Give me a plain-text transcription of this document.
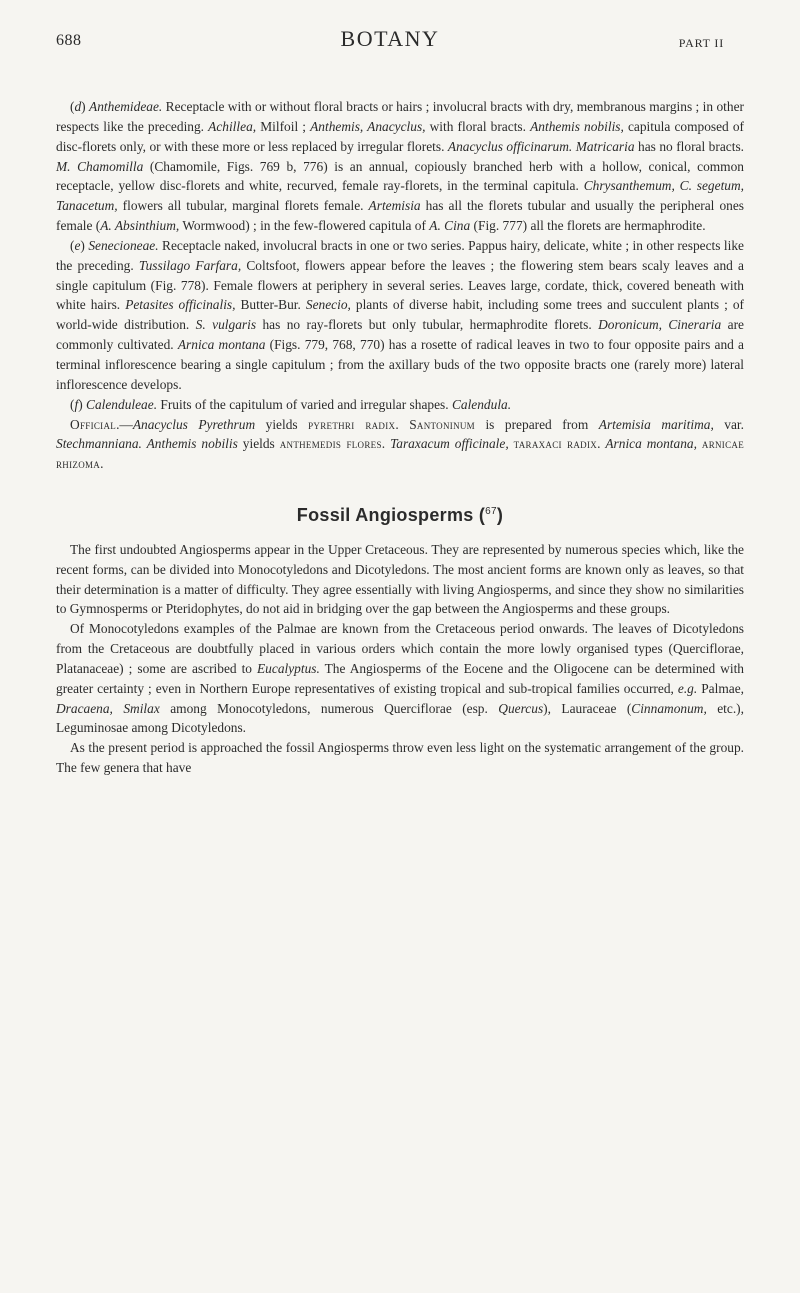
688	BOTANY	PART II

(d) Anthemideae. Receptacle with or without floral bracts or hairs ; involucral bracts with dry, membranous margins ; in other respects like the preceding. Achillea, Milfoil ; Anthemis, Anacyclus, with floral bracts. Anthemis nobilis, capitula composed of disc-florets only, or with these more or less replaced by irregular florets. Anacyclus officinarum. Matricaria has no floral bracts. M. Chamomilla (Chamomile, Figs. 769 b, 776) is an annual, copiously branched herb with a hollow, conical, common receptacle, yellow disc-florets and white, recurved, female ray-florets, in the terminal capitula. Chrysanthemum, C. segetum, Tanacetum, flowers all tubular, marginal florets female. Artemisia has all the florets tubular and usually the peripheral ones female (A. Absinthium, Wormwood) ; in the few-flowered capitula of A. Cina (Fig. 777) all the florets are hermaphrodite.

(e) Senecioneae. Receptacle naked, involucral bracts in one or two series. Pappus hairy, delicate, white ; in other respects like the preceding. Tussilago Farfara, Coltsfoot, flowers appear before the leaves ; the flowering stem bears scaly leaves and a single capitulum (Fig. 778). Female flowers at periphery in several series. Leaves large, cordate, thick, covered beneath with white hairs. Petasites officinalis, Butter-Bur. Senecio, plants of diverse habit, including some trees and succulent plants ; of world-wide distribution. S. vulgaris has no ray-florets but only tubular, hermaphrodite florets. Doronicum, Cineraria are commonly cultivated. Arnica montana (Figs. 779, 768, 770) has a rosette of radical leaves in two to four opposite pairs and a terminal inflorescence bearing a single capitulum ; from the axillary buds of the two opposite bracts one (rarely more) lateral inflorescence develops.

(f) Calenduleae. Fruits of the capitulum of varied and irregular shapes. Calendula.

Official.—Anacyclus Pyrethrum yields pyrethri radix. Santoninum is prepared from Artemisia maritima, var. Stechmanniana. Anthemis nobilis yields anthemedis flores. Taraxacum officinale, taraxaci radix. Arnica montana, arnicae rhizoma.

Fossil Angiosperms ($^{67}$)

The first undoubted Angiosperms appear in the Upper Cretaceous. They are represented by numerous species which, like the recent forms, can be divided into Monocotyledons and Dicotyledons. The most ancient forms are known only as leaves, so that their determination is a matter of difficulty. They agree essentially with living Angiosperms, and since they show no similarities to Gymnosperms or Pteridophytes, do not aid in bridging over the gap between the Angiosperms and these groups.

Of Monocotyledons examples of the Palmae are known from the Cretaceous period onwards. The leaves of Dicotyledons from the Cretaceous are doubtfully placed in various orders which contain the more lowly organised types (Querciflorae, Platanaceae) ; some are ascribed to Eucalyptus. The Angiosperms of the Eocene and the Oligocene can be determined with greater certainty ; even in Northern Europe representatives of existing tropical and sub-tropical families occurred, e.g. Palmae, Dracaena, Smilax among Monocotyledons, numerous Querciflorae (esp. Quercus), Lauraceae (Cinnamonum, etc.), Leguminosae among Dicotyledons.

As the present period is approached the fossil Angiosperms throw even less light on the systematic arrangement of the group. The few genera that have
